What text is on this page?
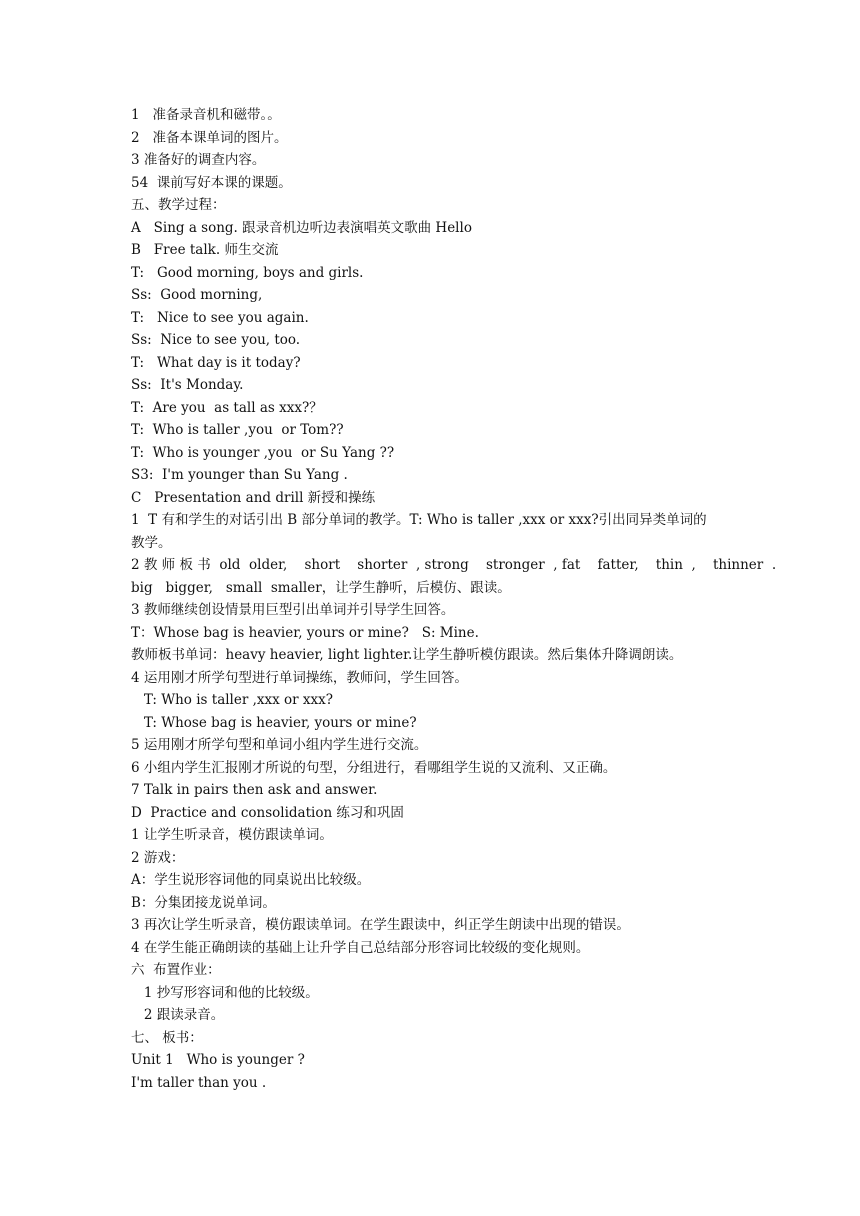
1   准备录音机和磁带。。
2   准备本课单词的图片。
3 准备好的调查内容。
54  课前写好本课的课题。
五、教学过程：
A   Sing a song. 跟录音机边听边表演唱英文歌曲 Hello
B   Free talk. 师生交流
T:   Good morning, boys and girls.
Ss:  Good morning,
T:   Nice to see you again.
Ss:  Nice to see you, too.
T:   What day is it today?
Ss:  It's Monday.
T:  Are you  as tall as xxx?？
T:  Who is taller ,you  or Tom??
T:  Who is younger ,you  or Su Yang ??
S3:  I'm younger than Su Yang .
C   Presentation and drill 新授和操练
1  T 有和学生的对话引出 B 部分单词的教学。T: Who is taller ,xxx or xxx?引出同异类单词的
教学。
2 教 师 板 书  old  older,    short    shorter  , strong    stronger  , fat    fatter,    thin  ,    thinner  .
big   bigger,   small  smaller，让学生静听，后模仿、跟读。
3 教师继续创设情景用巨型引出单词并引导学生回答。
T：Whose bag is heavier, yours or mine?   S: Mine.
教师板书单词：heavy heavier, light lighter.让学生静听模仿跟读。然后集体升降调朗读。
4 运用刚才所学句型进行单词操练，教师问，学生回答。
T: Who is taller ,xxx or xxx?
T: Whose bag is heavier, yours or mine?
5 运用刚才所学句型和单词小组内学生进行交流。
6 小组内学生汇报刚才所说的句型，分组进行，看哪组学生说的又流利、又正确。
7 Talk in pairs then ask and answer.
D  Practice and consolidation 练习和巩固
1 让学生听录音，模仿跟读单词。
2 游戏：
A：学生说形容词他的同桌说出比较级。
B：分集团接龙说单词。
3 再次让学生听录音，模仿跟读单词。在学生跟读中，纠正学生朗读中出现的错误。
4 在学生能正确朗读的基础上让升学自己总结部分形容词比较级的变化规则。
六  布置作业：
1 抄写形容词和他的比较级。
2 跟读录音。
七、 板书：
Unit 1   Who is younger ?
I'm taller than you .
